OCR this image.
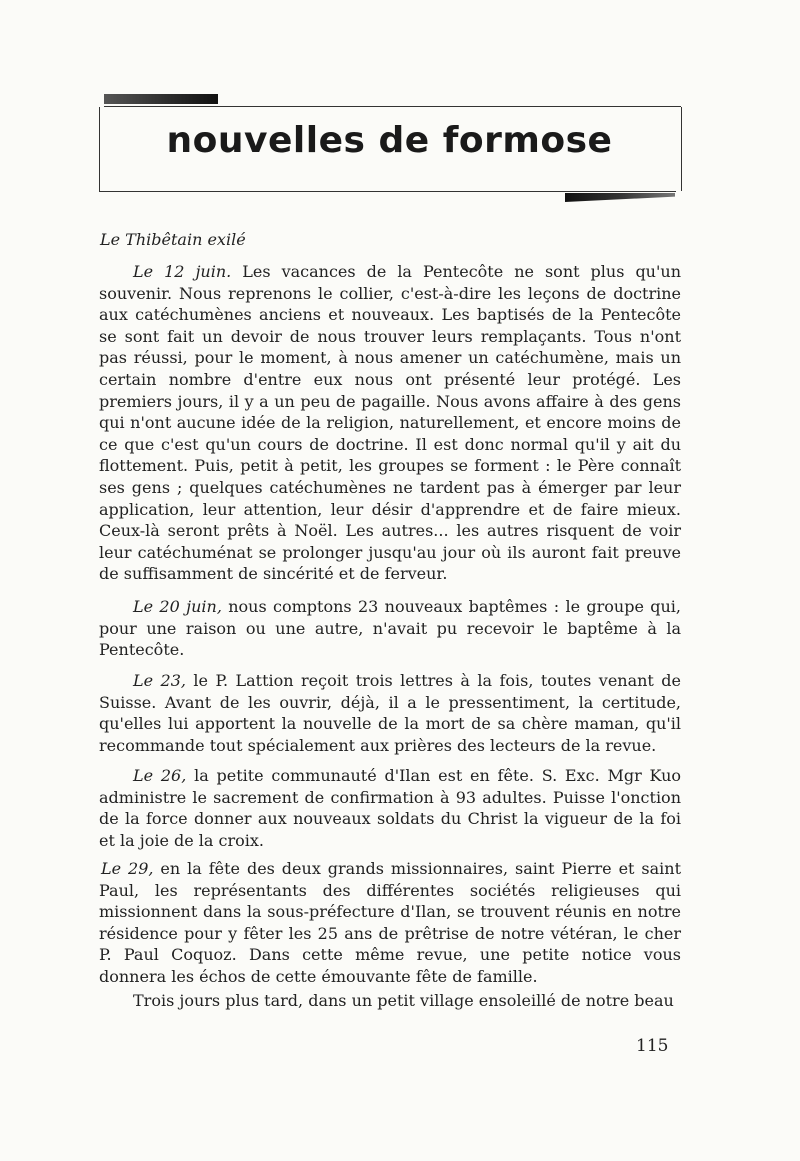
nouvelles de formose
Le Thibêtain exilé

Le 12 juin. Les vacances de la Pentecôte ne sont plus qu'un souvenir. Nous reprenons le collier, c'est-à-dire les leçons de doctrine aux catéchumènes anciens et nouveaux. Les baptisés de la Pentecôte se sont fait un devoir de nous trouver leurs remplaçants. Tous n'ont pas réussi, pour le moment, à nous amener un catéchumène, mais un certain nombre d'entre eux nous ont présenté leur protégé. Les premiers jours, il y a un peu de pagaille. Nous avons affaire à des gens qui n'ont aucune idée de la religion, naturellement, et encore moins de ce que c'est qu'un cours de doctrine. Il est donc normal qu'il y ait du flottement. Puis, petit à petit, les groupes se forment : le Père connaît ses gens ; quelques catéchumènes ne tardent pas à émerger par leur application, leur attention, leur désir d'apprendre et de faire mieux. Ceux-là seront prêts à Noël. Les autres... les autres risquent de voir leur catéchuménat se prolonger jusqu'au jour où ils auront fait preuve de suffisamment de sincérité et de ferveur.

Le 20 juin, nous comptons 23 nouveaux baptêmes : le groupe qui, pour une raison ou une autre, n'avait pu recevoir le baptême à la Pentecôte.

Le 23, le P. Lattion reçoit trois lettres à la fois, toutes venant de Suisse. Avant de les ouvrir, déjà, il a le pressentiment, la certitude, qu'elles lui apportent la nouvelle de la mort de sa chère maman, qu'il recommande tout spécialement aux prières des lecteurs de la revue.

Le 26, la petite communauté d'Ilan est en fête. S. Exc. Mgr Kuo administre le sacrement de confirmation à 93 adultes. Puisse l'onction de la force donner aux nouveaux soldats du Christ la vigueur de la foi et la joie de la croix.

Le 29, en la fête des deux grands missionnaires, saint Pierre et saint Paul, les représentants des différentes sociétés religieuses qui missionnent dans la sous-préfecture d'Ilan, se trouvent réunis en notre résidence pour y fêter les 25 ans de prêtrise de notre vétéran, le cher P. Paul Coquoz. Dans cette même revue, une petite notice vous donnera les échos de cette émouvante fête de famille.

Trois jours plus tard, dans un petit village ensoleillé de notre beau

115
